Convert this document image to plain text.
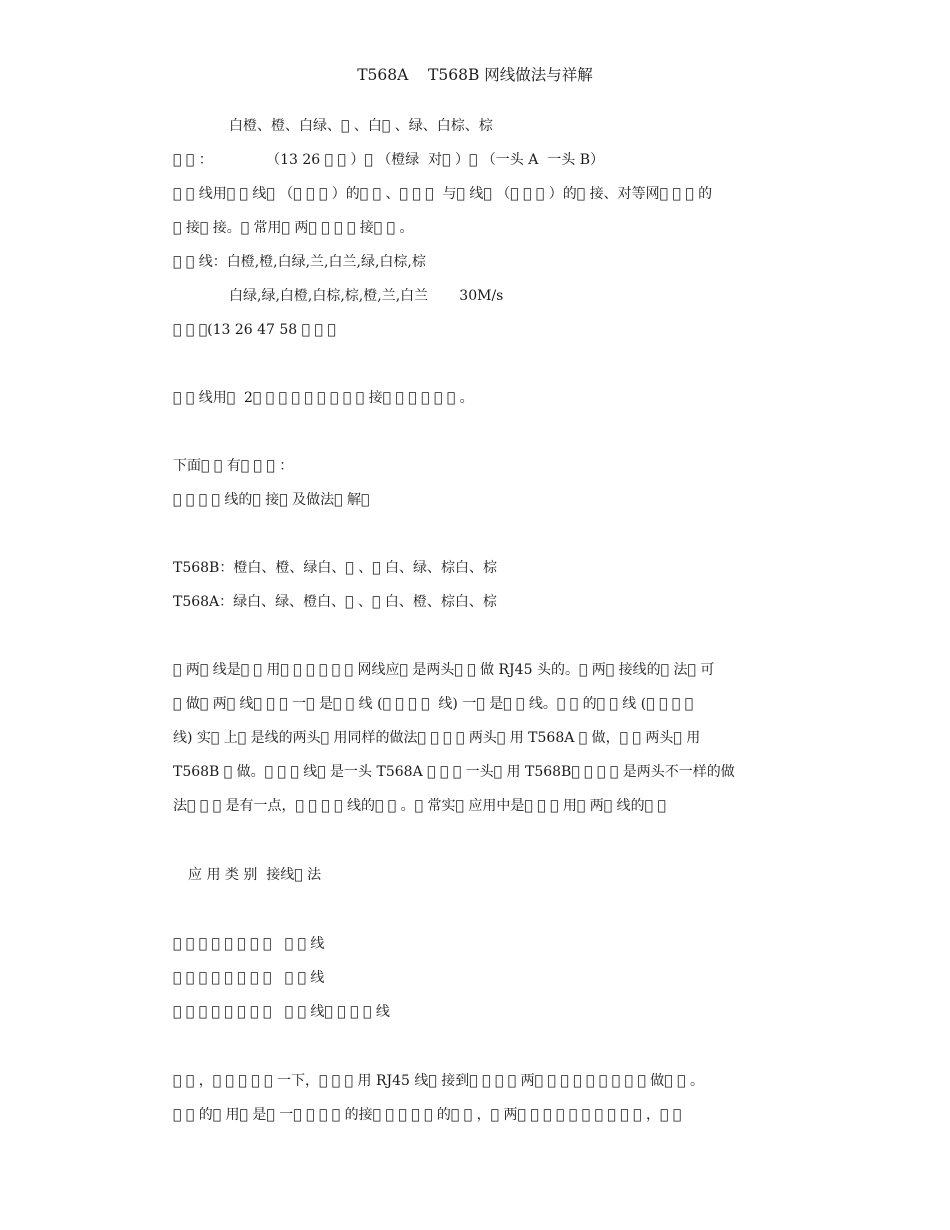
T568A    T568B 网线做法与祥解
白橙、橙、白绿、  、白  、绿、白棕、棕
    ：            （13 26     ）  （橙绿  对  ）  （一头 A  一头 B）
    线用    线  （      ）的    、       与  线  （      ）的  接、对等网      的
  接  接。  常用  两        接    。
    线：白橙,橙,白绿,兰,白兰,绿,白棕,棕
白绿,绿,白橙,白棕,棕,橙,兰,白兰       30M/s
    ：(13 26 47 58     ）
    线用   2                  接            。
下面    有      ：
        线的  接  及做法  解 
T568B：橙白、橙、绿白、  、  白、绿、棕白、棕
T568A：绿白、绿、橙白、  、  白、橙、棕白、棕
  两  线是    用            网线应  是两头    做 RJ45 头的。  两  接线的  法  可
  做  两  线      一  是    线 (         线) 一  是    线。    的    线 (       
线) 实  上  是线的两头  用同样的做法        两头  用 T568A   做，    两头  用
T568B   做。      线  是一头 T568A       一头  用 T568B        是两头不一样的做
法      是有一点，        线的    。  常实  应用中是      用  两  线的   
应 用 类 别  接线  法
                      线
                      线
                      线        线
    ，          一下，      用 RJ45 线  接到        两                  做    。
    的  用  是  一        的接          的    ，  两                    ，   
